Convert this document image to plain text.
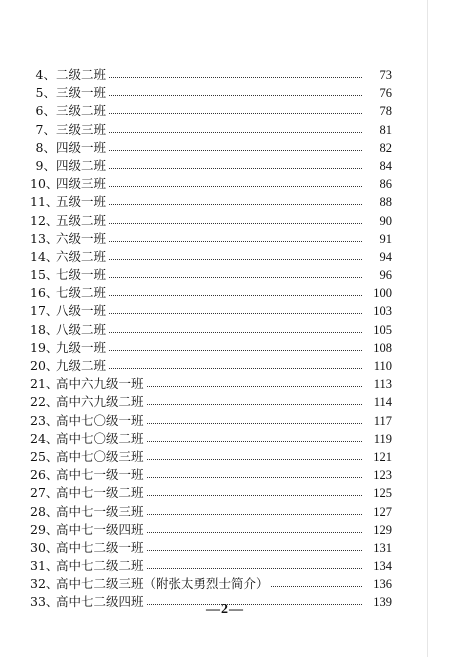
4 、 二级二班	73
5 、 三级一班	76
6 、 三级二班	78
7 、 三级三班	81
8 、 四级一班	82
9 、 四级二班	84
10 、 四级三班	86
11 、 五级一班	88
12 、 五级二班	90
13 、 六级一班	91
14 、 六级二班	94
15 、 七级一班	96
16 、 七级二班	100
17 、 八级一班	103
18 、 八级二班	105
19 、 九级一班	108
20 、 九级二班	110
21 、 高中六九级一班	113
22 、 高中六九级二班	114
23 、 高中七〇级一班	117
24 、 高中七〇级二班	119
25 、 高中七〇级三班	121
26 、 高中七一级一班	123
27 、 高中七一级二班	125
28 、 高中七一级三班	127
29 、 高中七一级四班	129
30 、 高中七二级一班	131
31 、 高中七二级二班	134
32 、 高中七二级三班（附张太勇烈士简介）	136
33 、 高中七二级四班	139
—2—
